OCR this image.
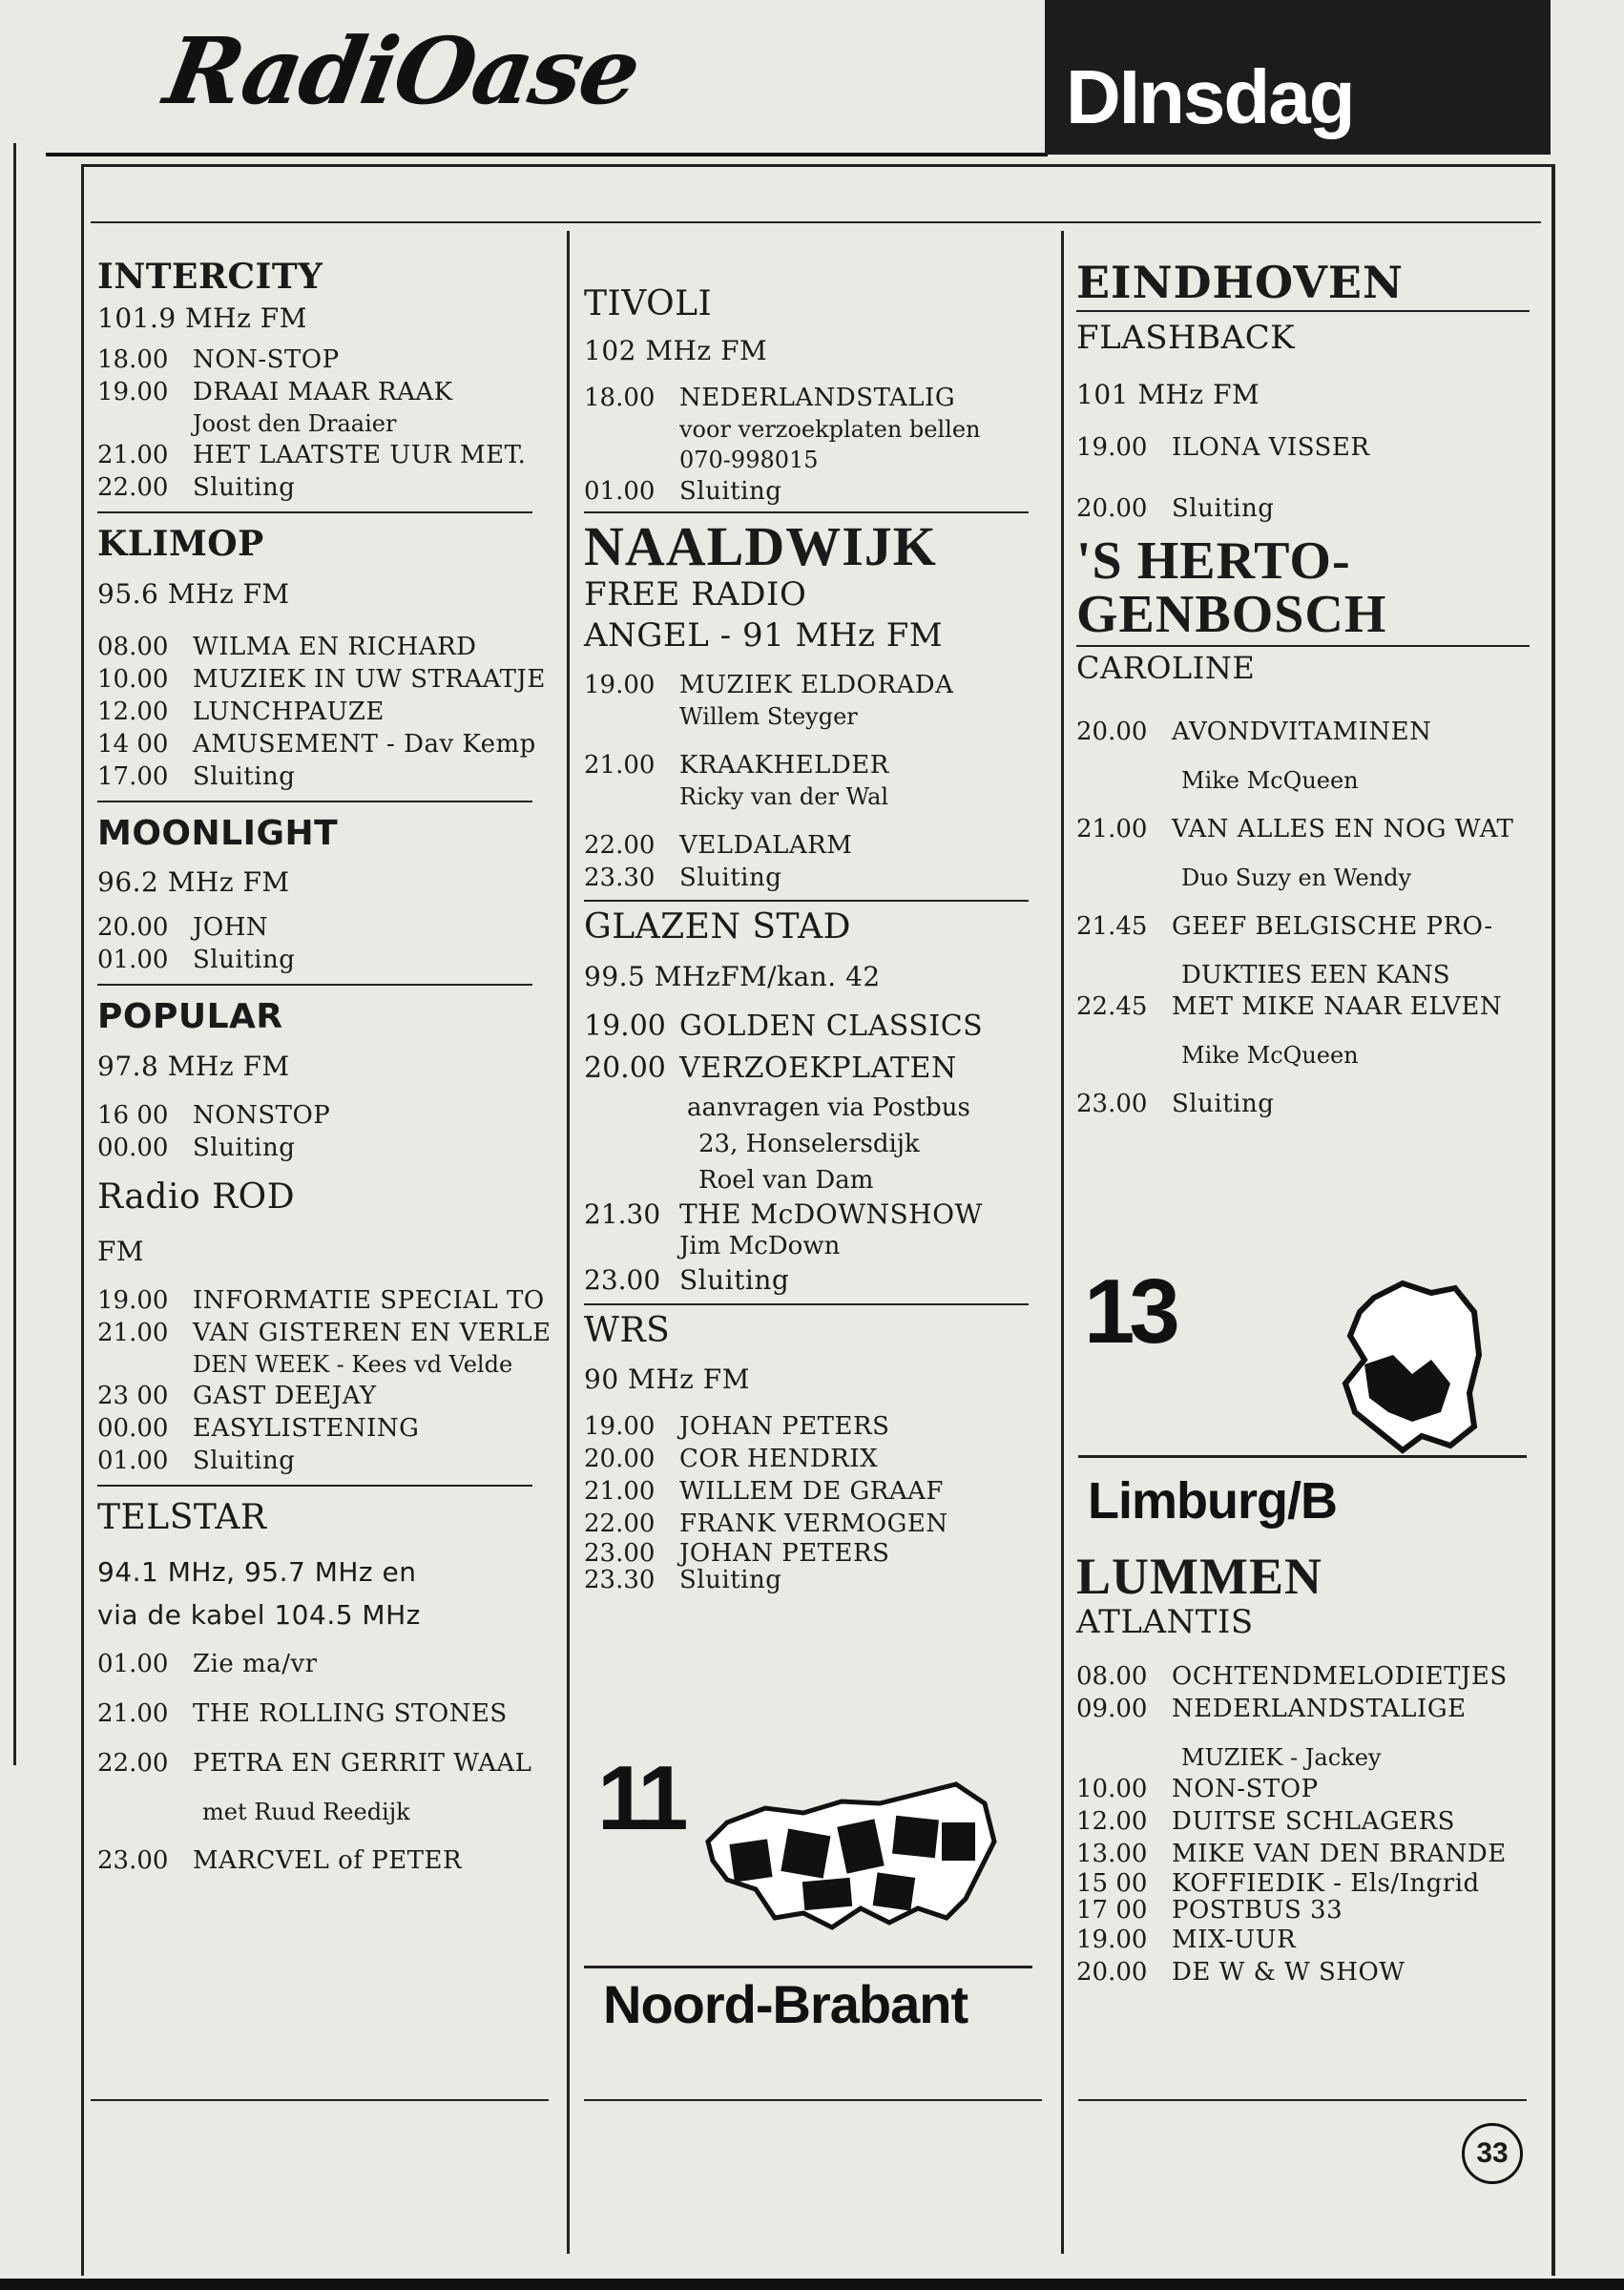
RadiOase	DInsdag

INTERCITY

101.9 MHz FM
18.00 NON-STOP
19.00 DRAAI MAAR RAAK
Joost den Draaier
21.00 HET LAATSTE UUR MET.
22.00 Sluiting

KLIMOP

95.6 MHz FM
08.00 WILMA EN RICHARD
10.00 MUZIEK IN UW STRAATJE
12.00 LUNCHPAUZE
14 00 AMUSEMENT - Dav Kemp
17.00 Sluiting

MOONLIGHT

96.2 MHz FM
20.00 JOHN
01.00 Sluiting

POPULAR

97.8 MHz FM
16 00 NONSTOP
00.00 Sluiting

Radio ROD

FM
19.00 INFORMATIE SPECIAL TO
21.00 VAN GISTEREN EN VERLE
DEN WEEK - Kees vd Velde
23 00 GAST DEEJAY
00.00 EASYLISTENING
01.00 Sluiting

TELSTAR

94.1 MHz, 95.7 MHz en
via de kabel 104.5 MHz
01.00 Zie ma/vr
21.00 THE ROLLING STONES
22.00 PETRA EN GERRIT WAAL
met Ruud Reedijk
23.00 MARCVEL of PETER

TIVOLI

102 MHz FM
18.00 NEDERLANDSTALIG
voor verzoekplaten bellen
070-998015
01.00 Sluiting

NAALDWIJK

FREE RADIO

ANGEL - 91 MHz FM

19.00 MUZIEK ELDORADA
Willem Steyger
21.00 KRAAKHELDER
Ricky van der Wal
22.00 VELDALARM
23.30 Sluiting

GLAZEN STAD

99.5 MHzFM/kan. 42
19.00 GOLDEN CLASSICS
20.00 VERZOEKPLATEN
aanvragen via Postbus
23, Honselersdijk
Roel van Dam
21.30 THE McDOWNSHOW
Jim McDown
23.00 Sluiting

WRS

90 MHz FM
19.00 JOHAN PETERS
20.00 COR HENDRIX
21.00 WILLEM DE GRAAF
22.00 FRANK VERMOGEN
23.00 JOHAN PETERS
23.30 Sluiting
11
Noord-Brabant

EINDHOVEN

FLASHBACK

101 MHz FM
19.00 ILONA VISSER
20.00 Sluiting

'S HERTO-

GENBOSCH

CAROLINE

20.00 AVONDVITAMINEN
Mike McQueen
21.00 VAN ALLES EN NOG WAT
Duo Suzy en Wendy
21.45 GEEF BELGISCHE PRO-
DUKTIES EEN KANS
22.45 MET MIKE NAAR ELVEN
Mike McQueen
23.00 Sluiting
13
Limburg/B

LUMMEN

ATLANTIS

08.00 OCHTENDMELODIETJES
09.00 NEDERLANDSTALIGE
MUZIEK - Jackey
10.00 NON-STOP
12.00 DUITSE SCHLAGERS
13.00 MIKE VAN DEN BRANDE
15 00 KOFFIEDIK - Els/Ingrid
17 00 POSTBUS 33
19.00 MIX-UUR
20.00 DE W & W SHOW
33
